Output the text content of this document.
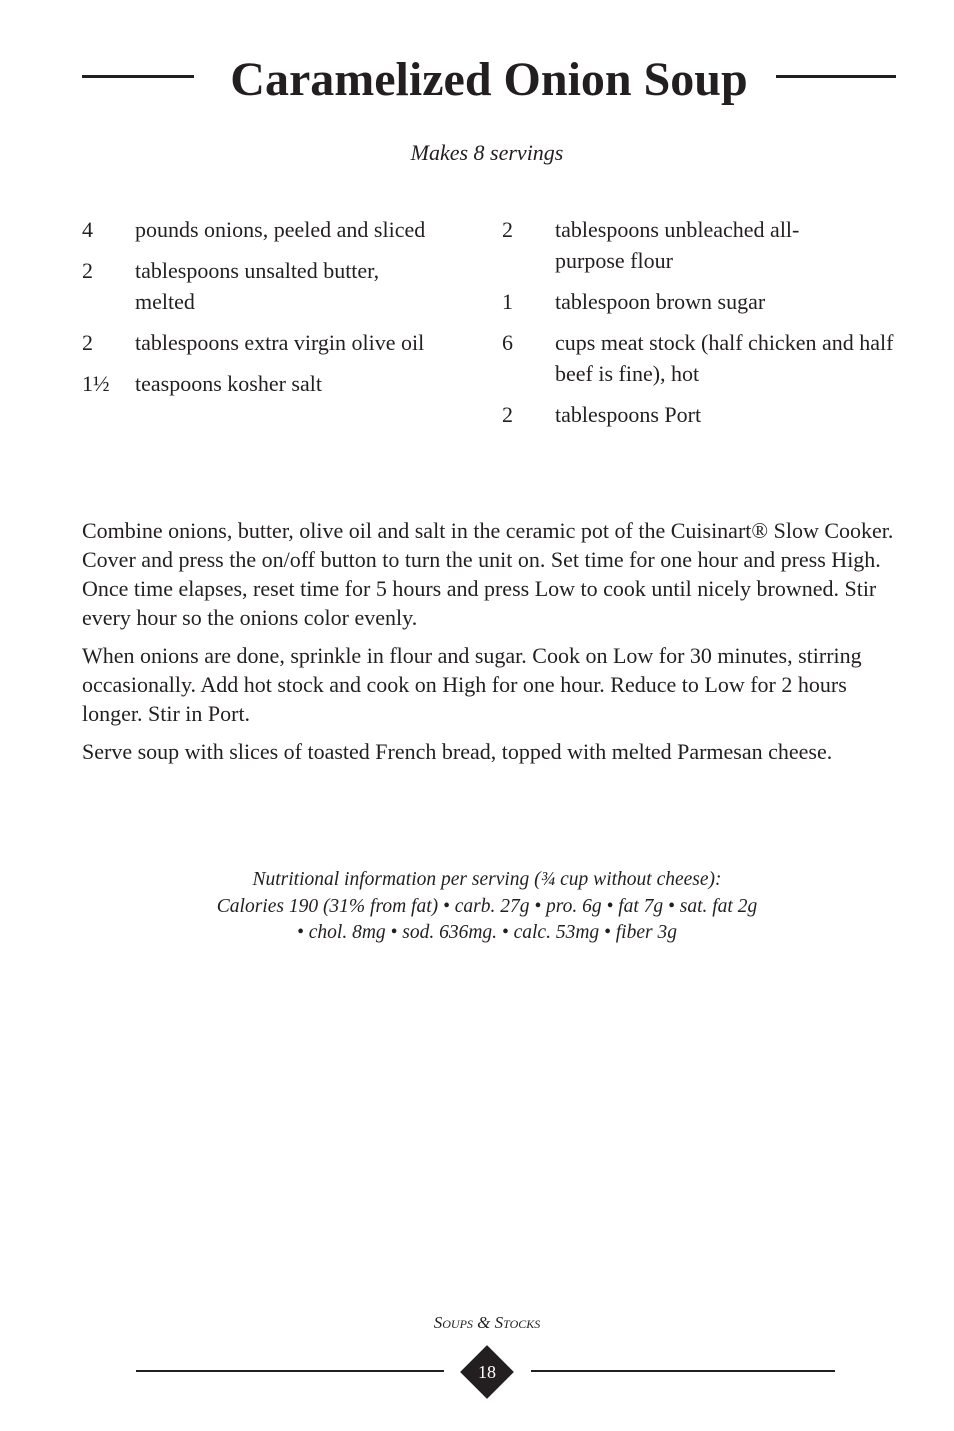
Caramelized Onion Soup
Makes 8 servings
4	pounds onions, peeled and sliced
2	tablespoons unsalted butter, melted
2	tablespoons extra virgin olive oil
1½	teaspoons kosher salt
2	tablespoons unbleached all-purpose flour
1	tablespoon brown sugar
6	cups meat stock (half chicken and half beef is fine), hot
2	tablespoons Port

Combine onions, butter, olive oil and salt in the ceramic pot of the Cuisinart® Slow Cooker. Cover and press the on/off button to turn the unit on. Set time for one hour and press High. Once time elapses, reset time for 5 hours and press Low to cook until nicely browned. Stir every hour so the onions color evenly.

When onions are done, sprinkle in flour and sugar. Cook on Low for 30 minutes, stirring occasionally. Add hot stock and cook on High for one hour. Reduce to Low for 2 hours longer. Stir in Port.

Serve soup with slices of toasted French bread, topped with melted Parmesan cheese.

Nutritional information per serving (¾ cup without cheese):
Calories 190 (31% from fat) • carb. 27g • pro. 6g • fat 7g • sat. fat 2g
• chol. 8mg • sod. 636mg. • calc. 53mg • fiber 3g
Soups & Stocks
18
